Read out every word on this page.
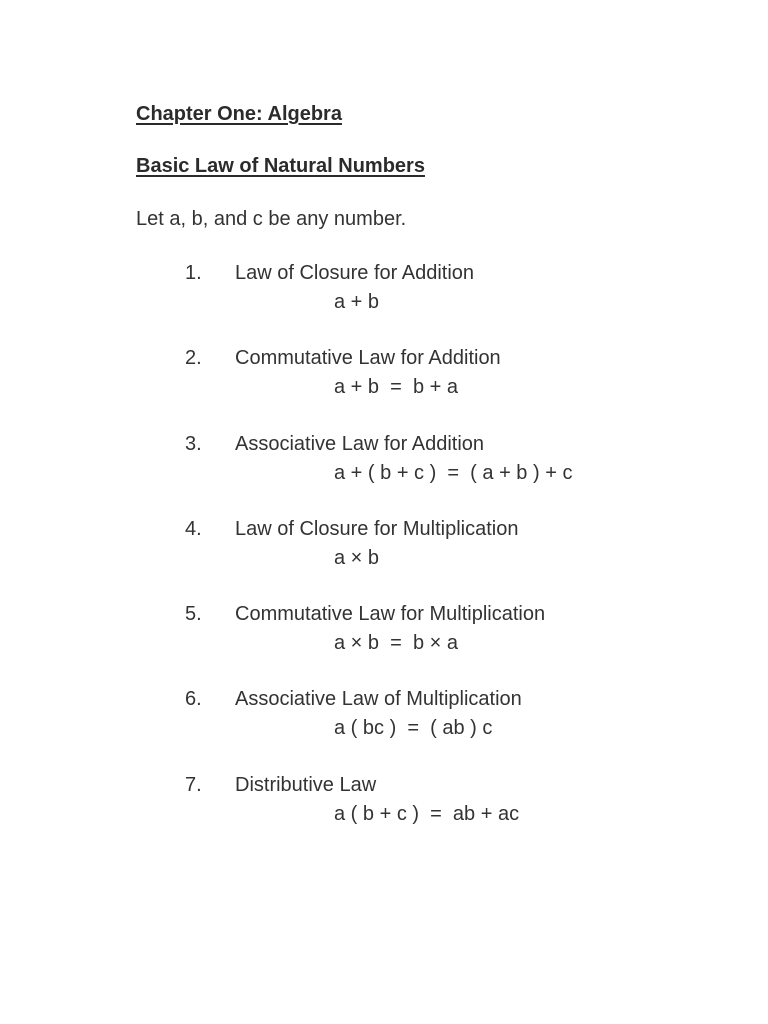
Chapter One: Algebra
Basic Law of Natural Numbers
Let a, b, and c be any number.
1. Law of Closure for Addition
a + b
2. Commutative Law for Addition
a + b  =  b + a
3. Associative Law for Addition
a + ( b + c )  =  ( a + b ) + c
4. Law of Closure for Multiplication
a × b
5. Commutative Law for Multiplication
a × b  =  b × a
6. Associative Law of Multiplication
a ( bc )  =  ( ab ) c
7. Distributive Law
a ( b + c )  =  ab + ac
